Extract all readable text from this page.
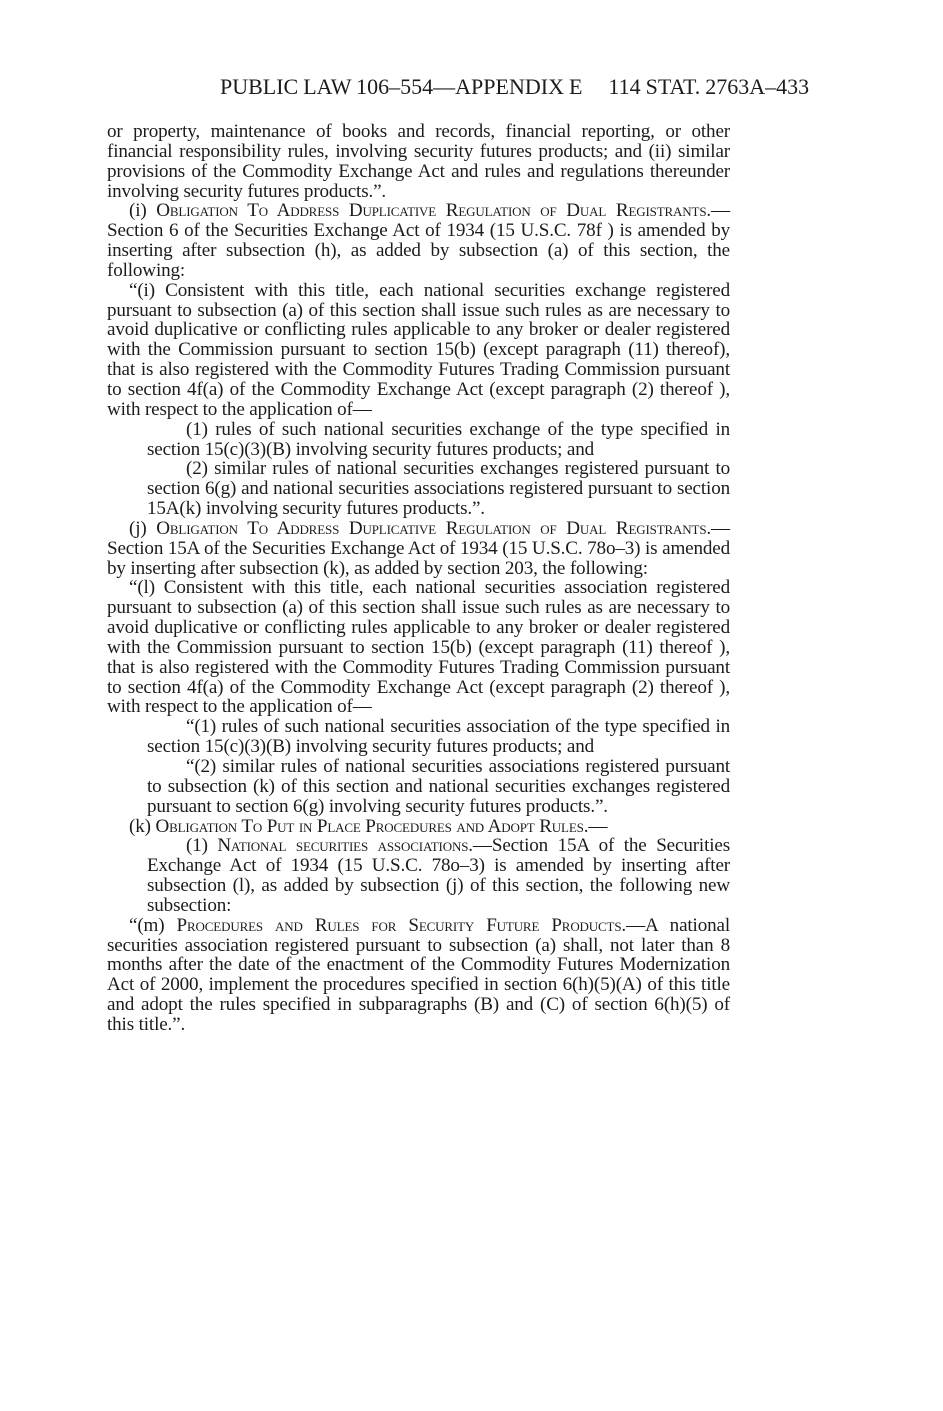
PUBLIC LAW 106–554—APPENDIX E 114 STAT. 2763A–433

or property, maintenance of books and records, financial reporting, or other financial responsibility rules, involving security futures products; and (ii) similar provisions of the Commodity Exchange Act and rules and regulations thereunder involving security futures products.”.

(i) Obligation To Address Duplicative Regulation of Dual Registrants.—Section 6 of the Securities Exchange Act of 1934 (15 U.S.C. 78f ) is amended by inserting after subsection (h), as added by subsection (a) of this section, the following:

“(i) Consistent with this title, each national securities exchange registered pursuant to subsection (a) of this section shall issue such rules as are necessary to avoid duplicative or conflicting rules applicable to any broker or dealer registered with the Commission pursuant to section 15(b) (except paragraph (11) thereof), that is also registered with the Commodity Futures Trading Commission pursuant to section 4f(a) of the Commodity Exchange Act (except paragraph (2) thereof ), with respect to the application of—

(1) rules of such national securities exchange of the type specified in section 15(c)(3)(B) involving security futures products; and

(2) similar rules of national securities exchanges registered pursuant to section 6(g) and national securities associations registered pursuant to section 15A(k) involving security futures products.”.

(j) Obligation To Address Duplicative Regulation of Dual Registrants.—Section 15A of the Securities Exchange Act of 1934 (15 U.S.C. 78o–3) is amended by inserting after subsection (k), as added by section 203, the following:

“(l) Consistent with this title, each national securities association registered pursuant to subsection (a) of this section shall issue such rules as are necessary to avoid duplicative or conflicting rules applicable to any broker or dealer registered with the Commission pursuant to section 15(b) (except paragraph (11) thereof ), that is also registered with the Commodity Futures Trading Commission pursuant to section 4f(a) of the Commodity Exchange Act (except paragraph (2) thereof ), with respect to the application of—

“(1) rules of such national securities association of the type specified in section 15(c)(3)(B) involving security futures products; and

“(2) similar rules of national securities associations registered pursuant to subsection (k) of this section and national securities exchanges registered pursuant to section 6(g) involving security futures products.”.

(k) Obligation To Put in Place Procedures and Adopt Rules.—

(1) National securities associations.—Section 15A of the Securities Exchange Act of 1934 (15 U.S.C. 78o–3) is amended by inserting after subsection (l), as added by subsection (j) of this section, the following new subsection:

“(m) Procedures and Rules for Security Future Products.—A national securities association registered pursuant to subsection (a) shall, not later than 8 months after the date of the enactment of the Commodity Futures Modernization Act of 2000, implement the procedures specified in section 6(h)(5)(A) of this title and adopt the rules specified in subparagraphs (B) and (C) of section 6(h)(5) of this title.”.
